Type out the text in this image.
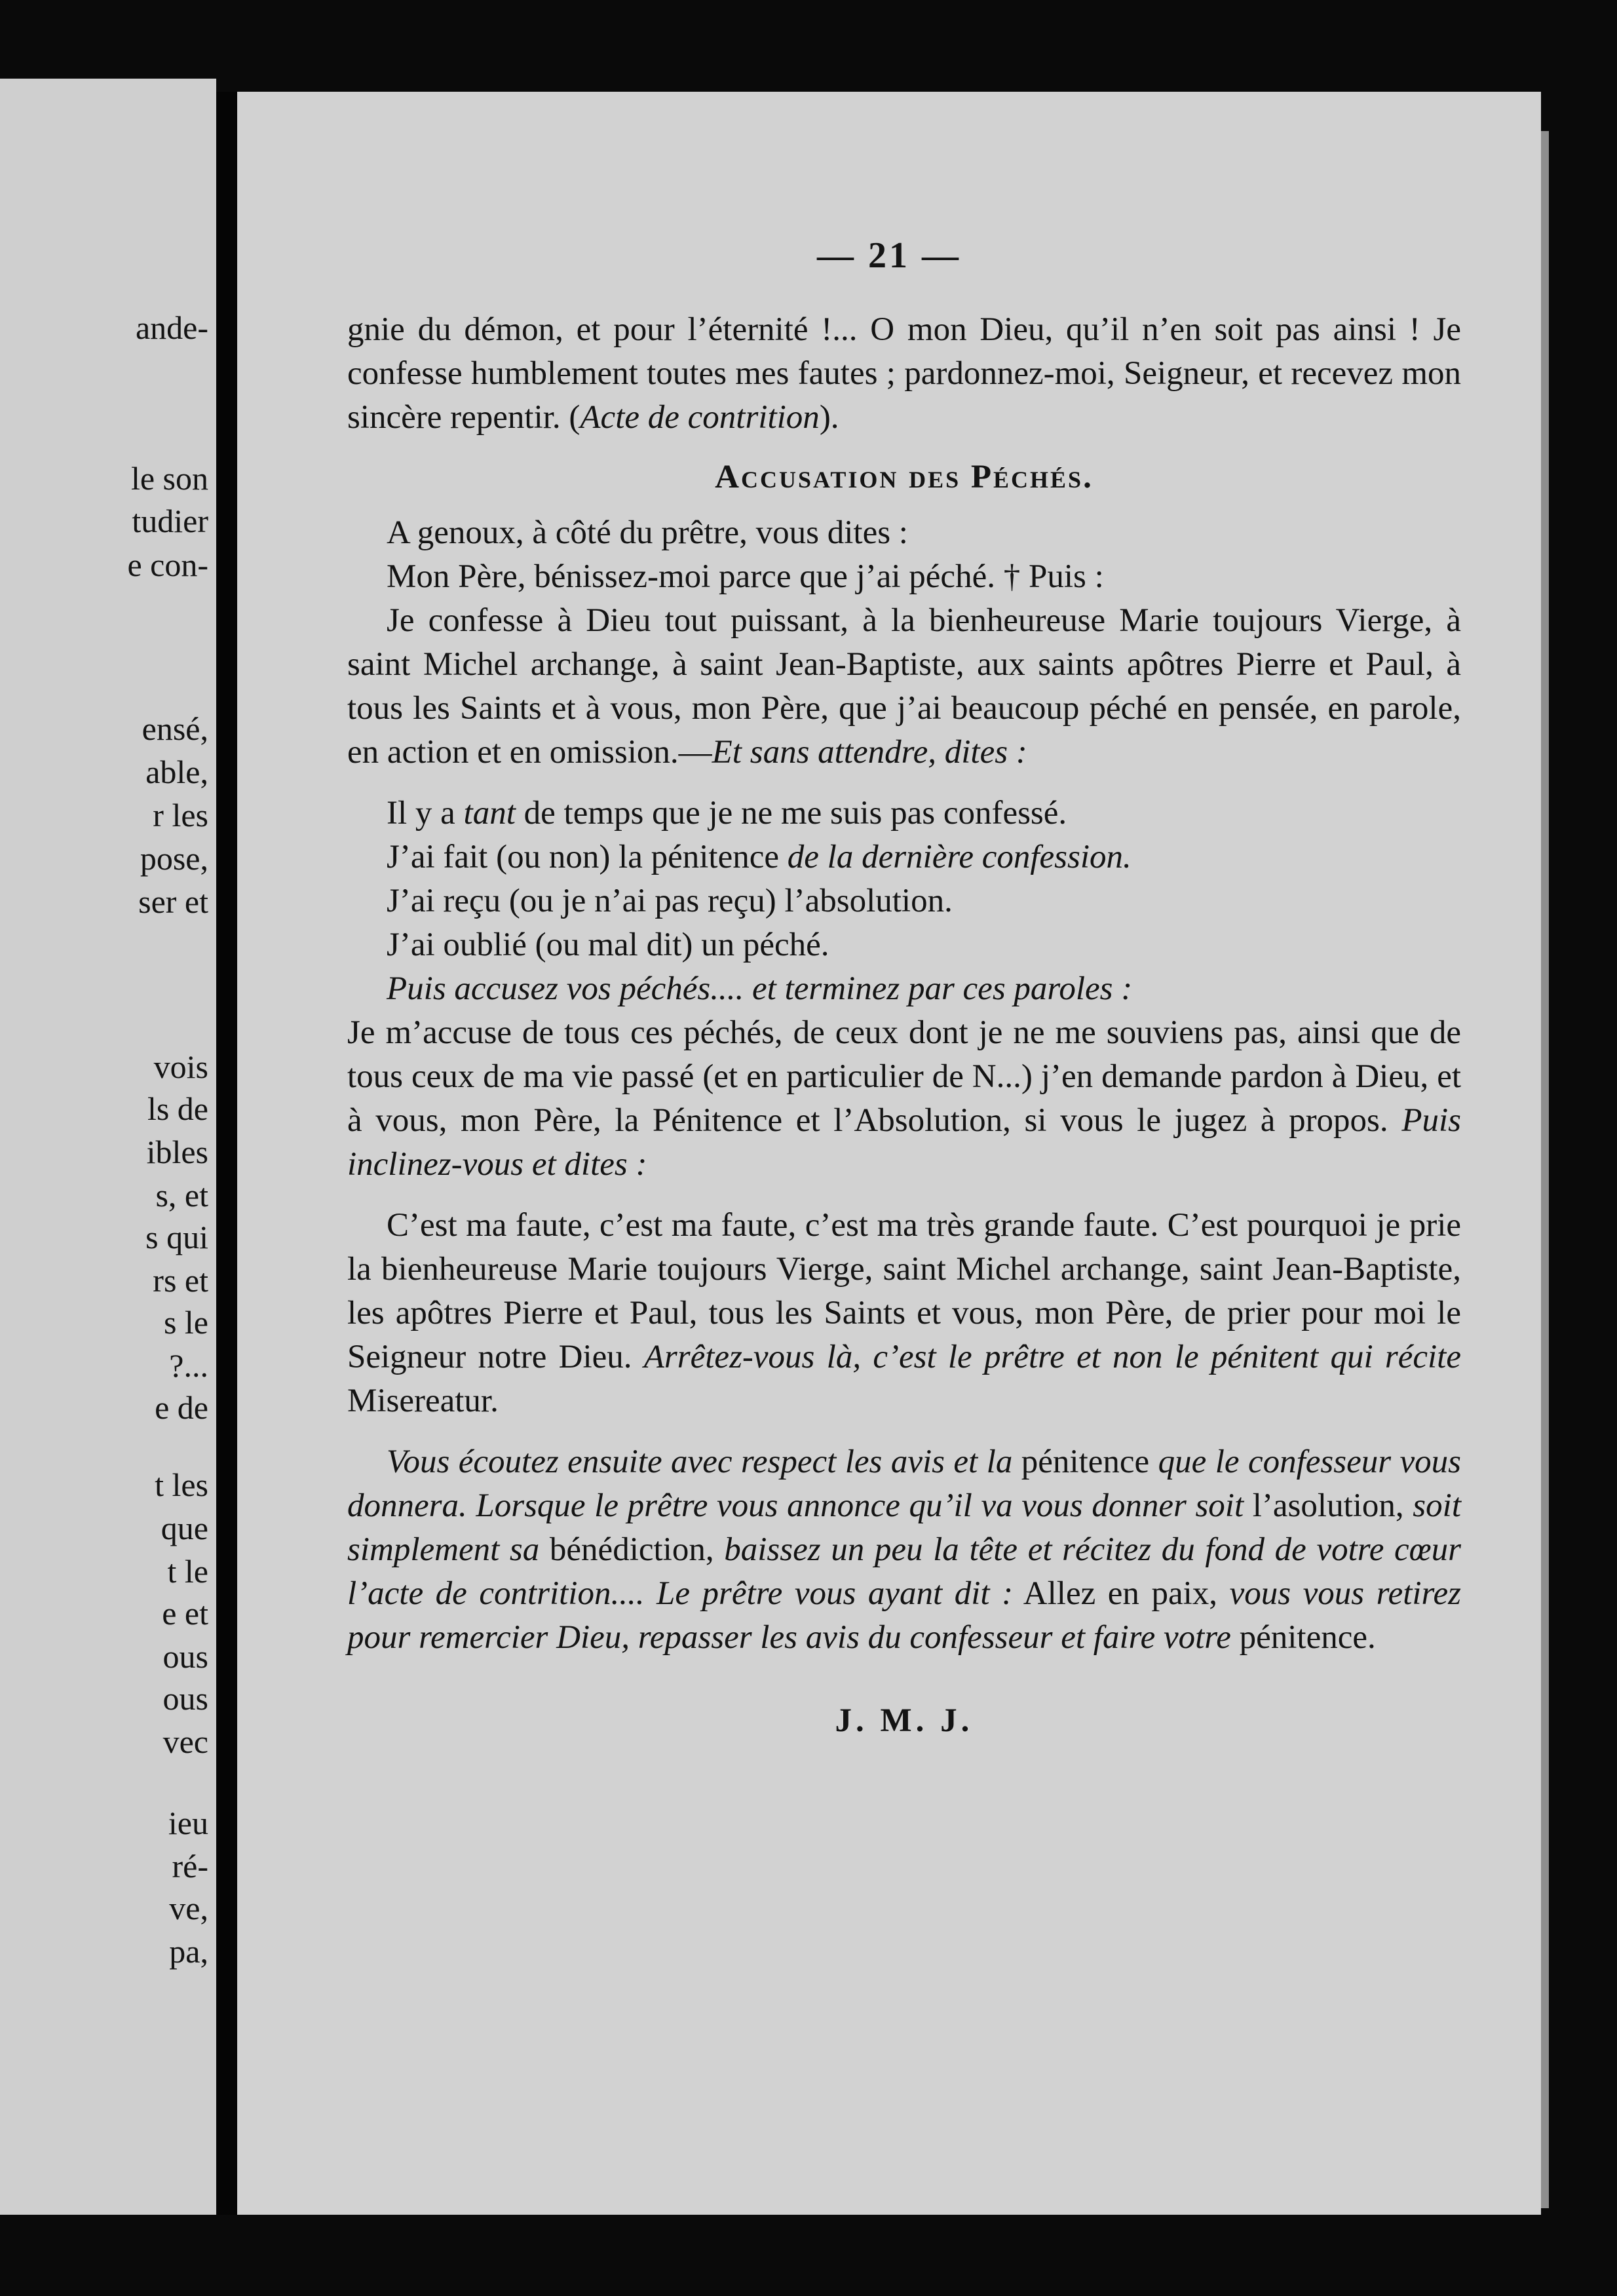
ande-
le son
tudier
e con-
ensé,
able,
r les
pose,
ser et
vois
ls de
ibles
s, et
s qui
rs et
s le
?...
e de
t les
que
t le
e et
ous
ous
vec
ieu
ré-
ve,
pa,
— 21 —

gnie du démon, et pour l’éternité !... O mon Dieu, qu’il n’en soit pas ainsi ! Je confesse humblement toutes mes fautes ; pardonnez-moi, Seigneur, et recevez mon sincère repentir. (Acte de contrition).

Accusation des Péchés.

A genoux, à côté du prêtre, vous dites :

Mon Père, bénissez-moi parce que j’ai péché. † Puis :

Je confesse à Dieu tout puissant, à la bienheureuse Marie toujours Vierge, à saint Michel archange, à saint Jean-Baptiste, aux saints apôtres Pierre et Paul, à tous les Saints et à vous, mon Père, que j’ai beaucoup péché en pensée, en parole, en action et en omission.—Et sans attendre, dites :

Il y a tant de temps que je ne me suis pas confessé.

J’ai fait (ou non) la pénitence de la dernière confession.

J’ai reçu (ou je n’ai pas reçu) l’absolution.

J’ai oublié (ou mal dit) un péché.

Puis accusez vos péchés.... et terminez par ces paroles :

Je m’accuse de tous ces péchés, de ceux dont je ne me souviens pas, ainsi que de tous ceux de ma vie passé (et en particulier de N...) j’en demande pardon à Dieu, et à vous, mon Père, la Pénitence et l’Absolution, si vous le jugez à propos. Puis inclinez-vous et dites :

C’est ma faute, c’est ma faute, c’est ma très grande faute. C’est pourquoi je prie la bienheureuse Marie toujours Vierge, saint Michel archange, saint Jean-Baptiste, les apôtres Pierre et Paul, tous les Saints et vous, mon Père, de prier pour moi le Seigneur notre Dieu. Arrêtez-vous là, c’est le prêtre et non le pénitent qui récite Misereatur.

Vous écoutez ensuite avec respect les avis et la pénitence que le confesseur vous donnera. Lorsque le prêtre vous annonce qu’il va vous donner soit l’asolution, soit simplement sa bénédiction, baissez un peu la tête et récitez du fond de votre cœur l’acte de contrition.... Le prêtre vous ayant dit : Allez en paix, vous vous retirez pour remercier Dieu, repasser les avis du confesseur et faire votre pénitence.

J. M. J.
